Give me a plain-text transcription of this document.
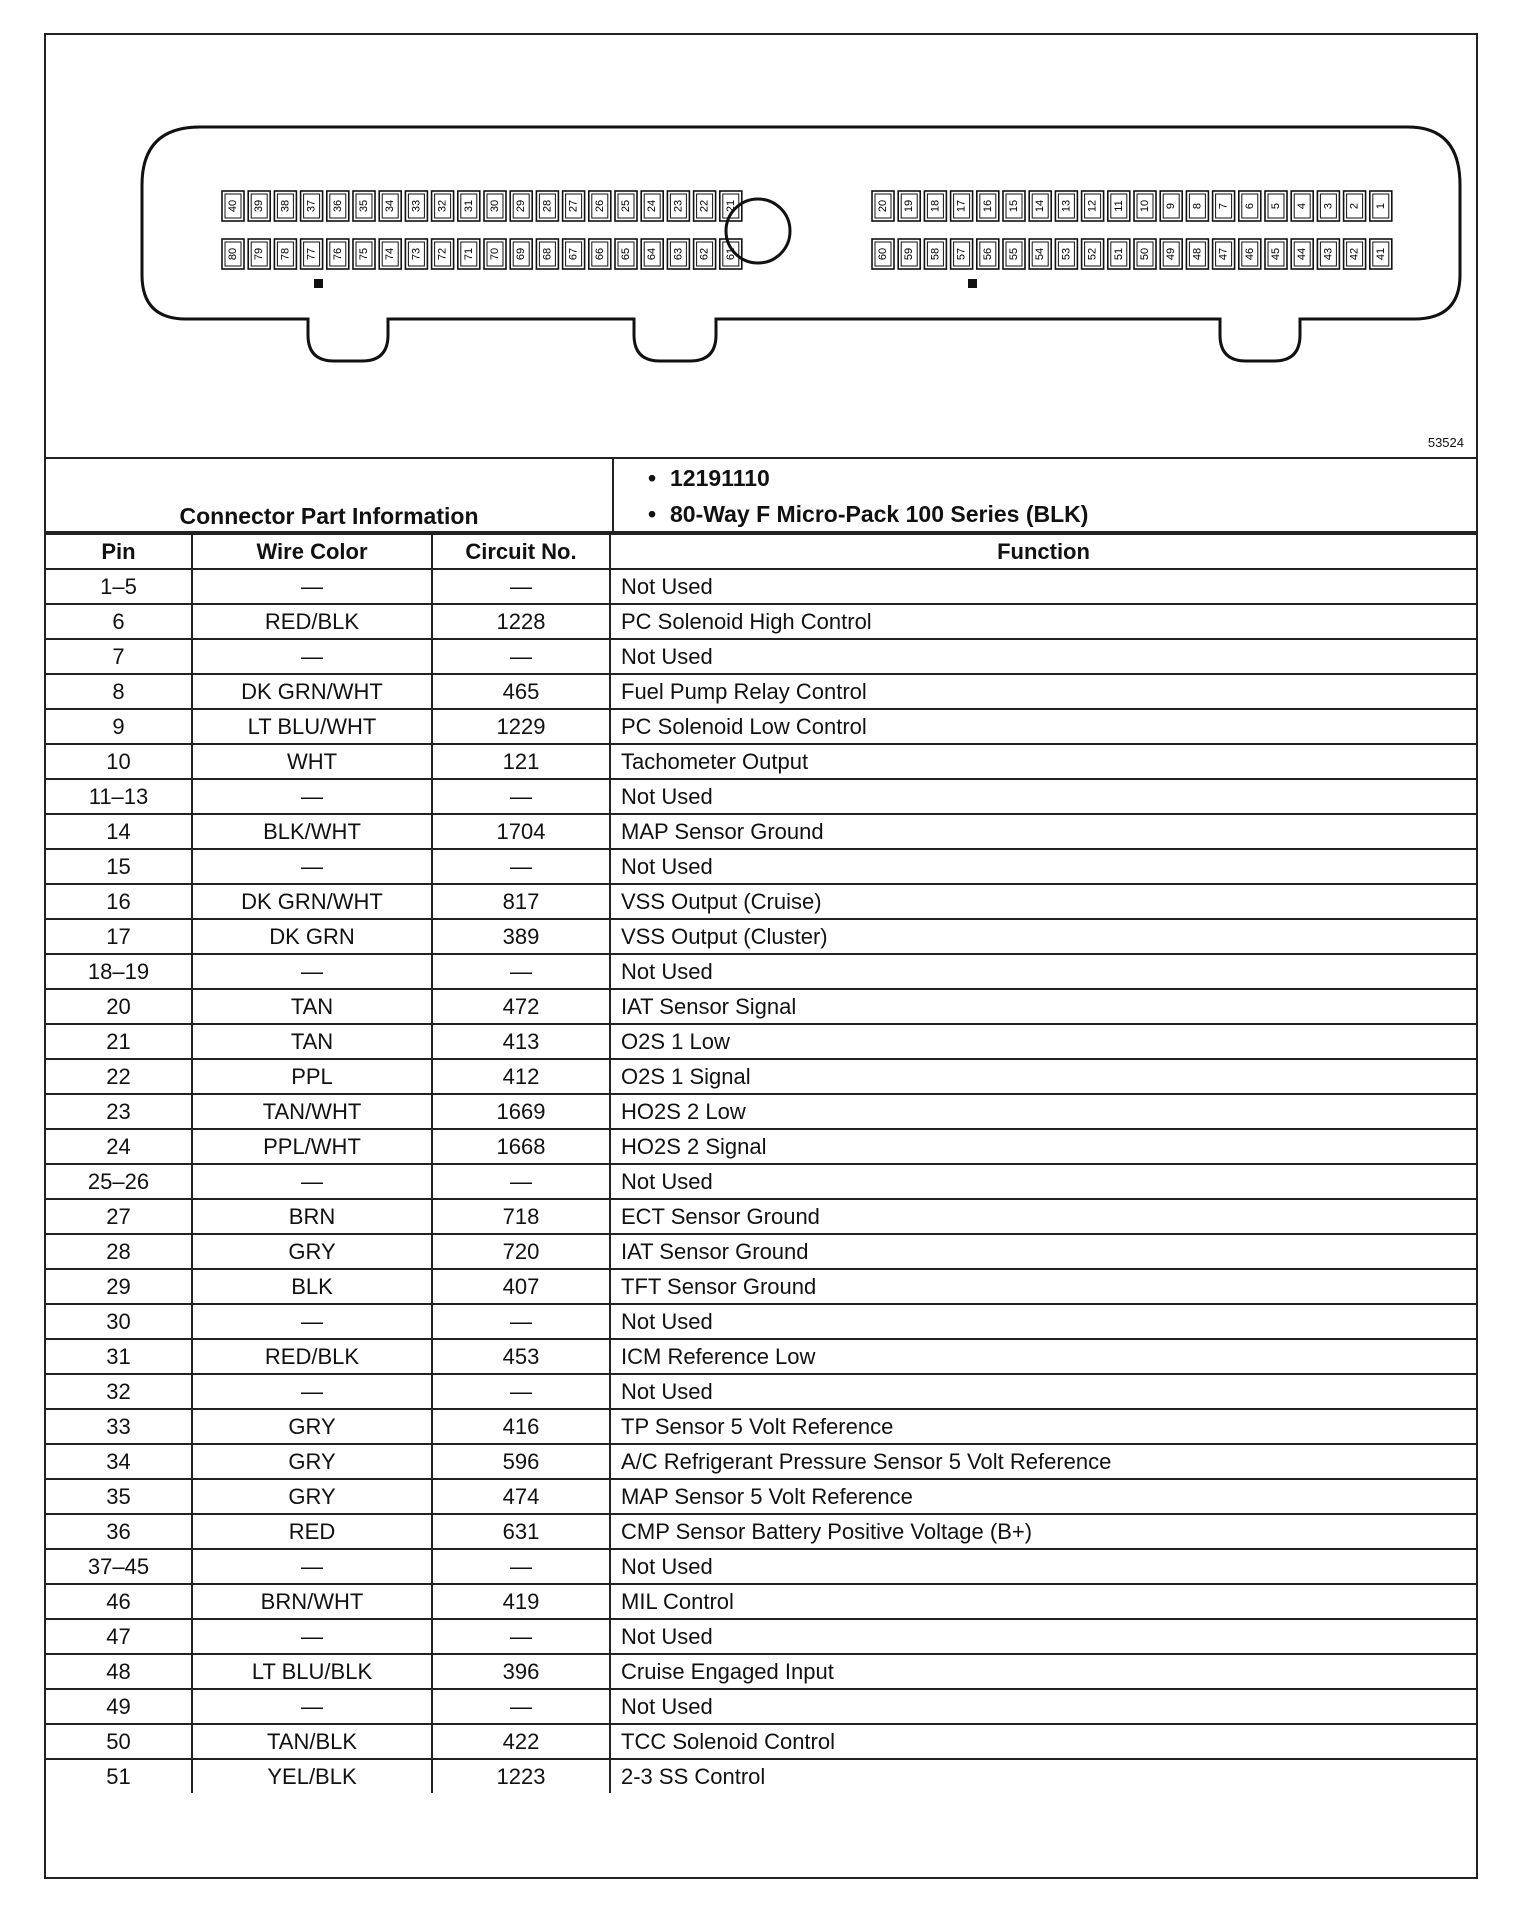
40 39 38 37 36 35 34 33 32 31 30 29 28 27 26 25 24 23 22 21
80 79 78 77 76 75 74 73 72 71 70 69 68 67 66 65 64 63 62 61
20 19 18 17 16 15 14 13 12 11 10 9 8 7 6 5 4 3 2 1
60 59 58 57 56 55 54 53 52 51 50 49 48 47 46 45 44 43 42 41
53524
Connector Part Information
• 12191110
• 80-Way F Micro-Pack 100 Series (BLK)
Pin	Wire Color	Circuit No.	Function
1–5	—	—	Not Used
6	RED/BLK	1228	PC Solenoid High Control
7	—	—	Not Used
8	DK GRN/WHT	465	Fuel Pump Relay Control
9	LT BLU/WHT	1229	PC Solenoid Low Control
10	WHT	121	Tachometer Output
11–13	—	—	Not Used
14	BLK/WHT	1704	MAP Sensor Ground
15	—	—	Not Used
16	DK GRN/WHT	817	VSS Output (Cruise)
17	DK GRN	389	VSS Output (Cluster)
18–19	—	—	Not Used
20	TAN	472	IAT Sensor Signal
21	TAN	413	O2S 1 Low
22	PPL	412	O2S 1 Signal
23	TAN/WHT	1669	HO2S 2 Low
24	PPL/WHT	1668	HO2S 2 Signal
25–26	—	—	Not Used
27	BRN	718	ECT Sensor Ground
28	GRY	720	IAT Sensor Ground
29	BLK	407	TFT Sensor Ground
30	—	—	Not Used
31	RED/BLK	453	ICM Reference Low
32	—	—	Not Used
33	GRY	416	TP Sensor 5 Volt Reference
34	GRY	596	A/C Refrigerant Pressure Sensor 5 Volt Reference
35	GRY	474	MAP Sensor 5 Volt Reference
36	RED	631	CMP Sensor Battery Positive Voltage (B+)
37–45	—	—	Not Used
46	BRN/WHT	419	MIL Control
47	—	—	Not Used
48	LT BLU/BLK	396	Cruise Engaged Input
49	—	—	Not Used
50	TAN/BLK	422	TCC Solenoid Control
51	YEL/BLK	1223	2-3 SS Control
